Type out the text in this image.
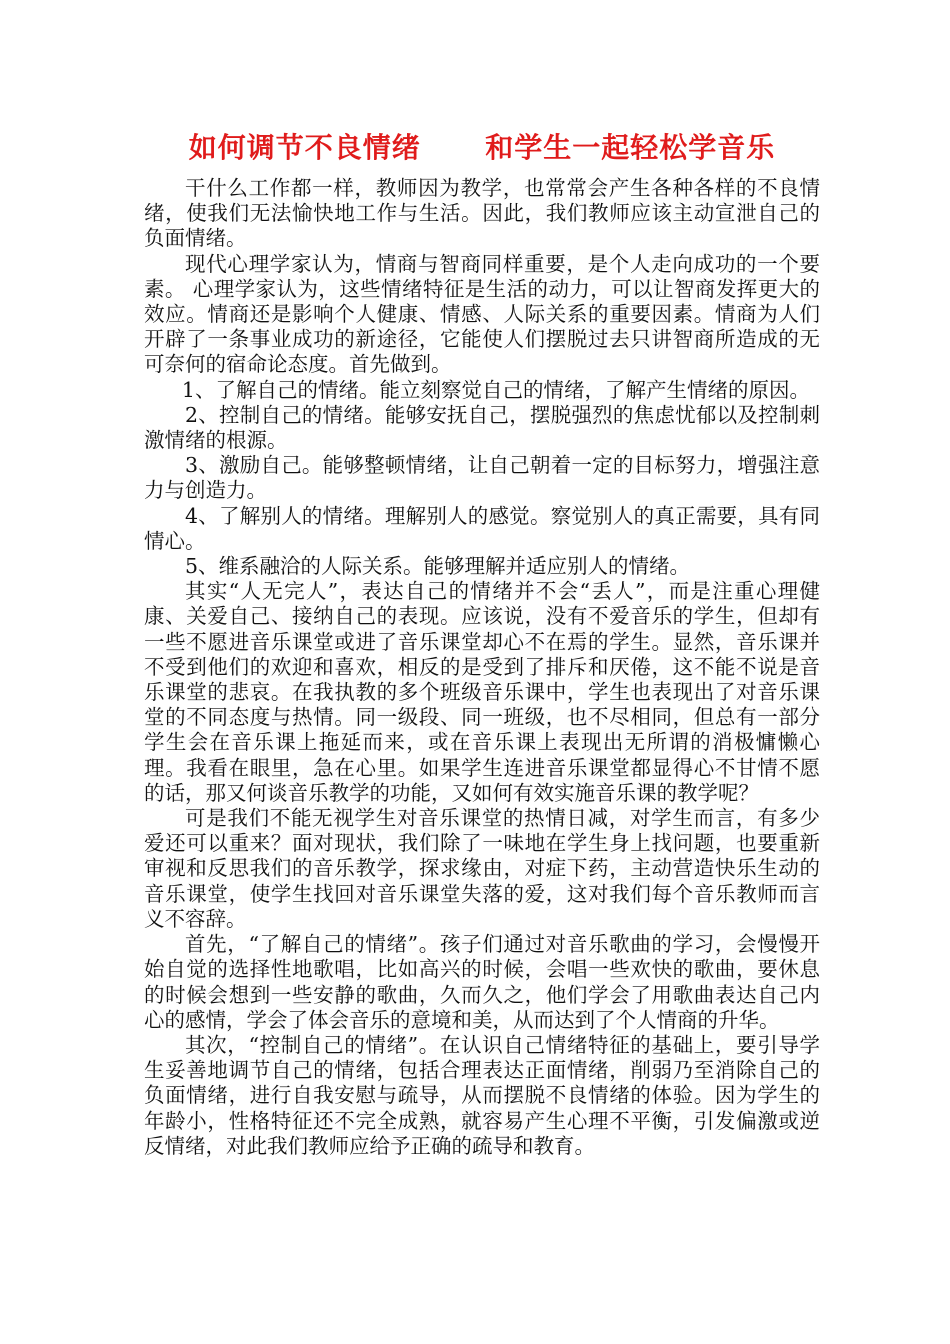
如何调节不良情绪      和学生一起轻松学音乐

干什么工作都一样，教师因为教学，也常常会产生各种各样的不良情绪，使我们无法愉快地工作与生活。因此，我们教师应该主动宣泄自己的负面情绪。

现代心理学家认为，情商与智商同样重要，是个人走向成功的一个要素。 心理学家认为，这些情绪特征是生活的动力，可以让智商发挥更大的效应。情商还是影响个人健康、情感、人际关系的重要因素。情商为人们开辟了一条事业成功的新途径，它能使人们摆脱过去只讲智商所造成的无可奈何的宿命论态度。首先做到。

1、了解自己的情绪。能立刻察觉自己的情绪，了解产生情绪的原因。

2、控制自己的情绪。能够安抚自己，摆脱强烈的焦虑忧郁以及控制刺激情绪的根源。

3、激励自己。能够整顿情绪，让自己朝着一定的目标努力，增强注意力与创造力。

4、了解别人的情绪。理解别人的感觉。察觉别人的真正需要，具有同情心。

5、维系融洽的人际关系。能够理解并适应别人的情绪。

其实“人无完人”，表达自己的情绪并不会“丢人”，而是注重心理健康、关爱自己、接纳自己的表现。应该说，没有不爱音乐的学生，但却有一些不愿进音乐课堂或进了音乐课堂却心不在焉的学生。显然，音乐课并不受到他们的欢迎和喜欢，相反的是受到了排斥和厌倦，这不能不说是音乐课堂的悲哀。在我执教的多个班级音乐课中，学生也表现出了对音乐课堂的不同态度与热情。同一级段、同一班级，也不尽相同，但总有一部分学生会在音乐课上拖延而来，或在音乐课上表现出无所谓的消极慵懒心理。我看在眼里，急在心里。如果学生连进音乐课堂都显得心不甘情不愿的话，那又何谈音乐教学的功能，又如何有效实施音乐课的教学呢？

可是我们不能无视学生对音乐课堂的热情日减，对学生而言，有多少爱还可以重来？面对现状，我们除了一味地在学生身上找问题，也要重新审视和反思我们的音乐教学，探求缘由，对症下药，主动营造快乐生动的音乐课堂，使学生找回对音乐课堂失落的爱，这对我们每个音乐教师而言义不容辞。

首先，“了解自己的情绪”。孩子们通过对音乐歌曲的学习，会慢慢开始自觉的选择性地歌唱，比如高兴的时候，会唱一些欢快的歌曲，要休息的时候会想到一些安静的歌曲，久而久之，他们学会了用歌曲表达自己内心的感情，学会了体会音乐的意境和美，从而达到了个人情商的升华。

其次，“控制自己的情绪”。在认识自己情绪特征的基础上，要引导学生妥善地调节自己的情绪，包括合理表达正面情绪，削弱乃至消除自己的负面情绪，进行自我安慰与疏导，从而摆脱不良情绪的体验。因为学生的年龄小，性格特征还不完全成熟，就容易产生心理不平衡，引发偏激或逆反情绪，对此我们教师应给予正确的疏导和教育。
